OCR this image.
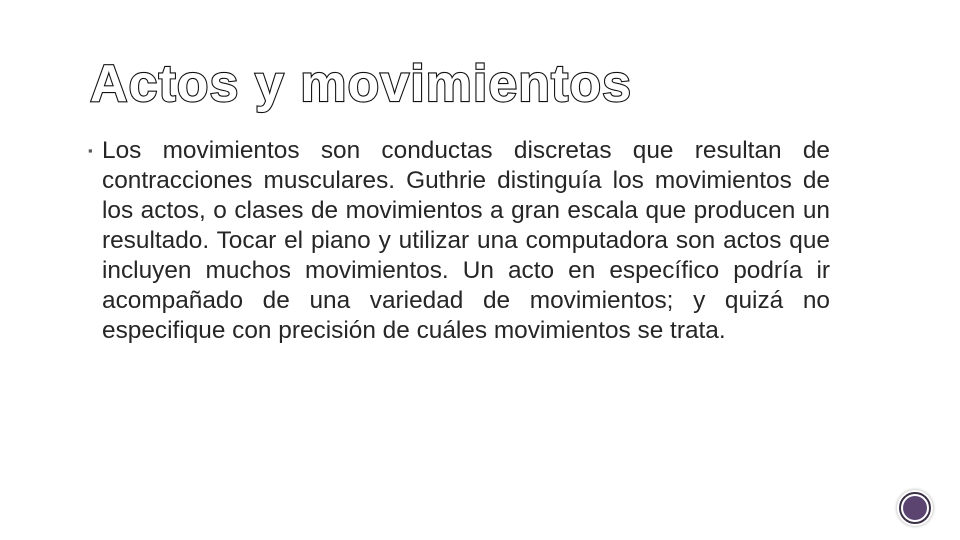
Actos y movimientos

▪ Los movimientos son conductas discretas que resultan de contracciones musculares. Guthrie distinguía los movimientos de los actos, o clases de movimientos a gran escala que producen un resultado. Tocar el piano y utilizar una computadora son actos que incluyen muchos movimientos. Un acto en específico podría ir acompañado de una variedad de movimientos; y quizá no especifique con precisión de cuáles movimientos se trata.
